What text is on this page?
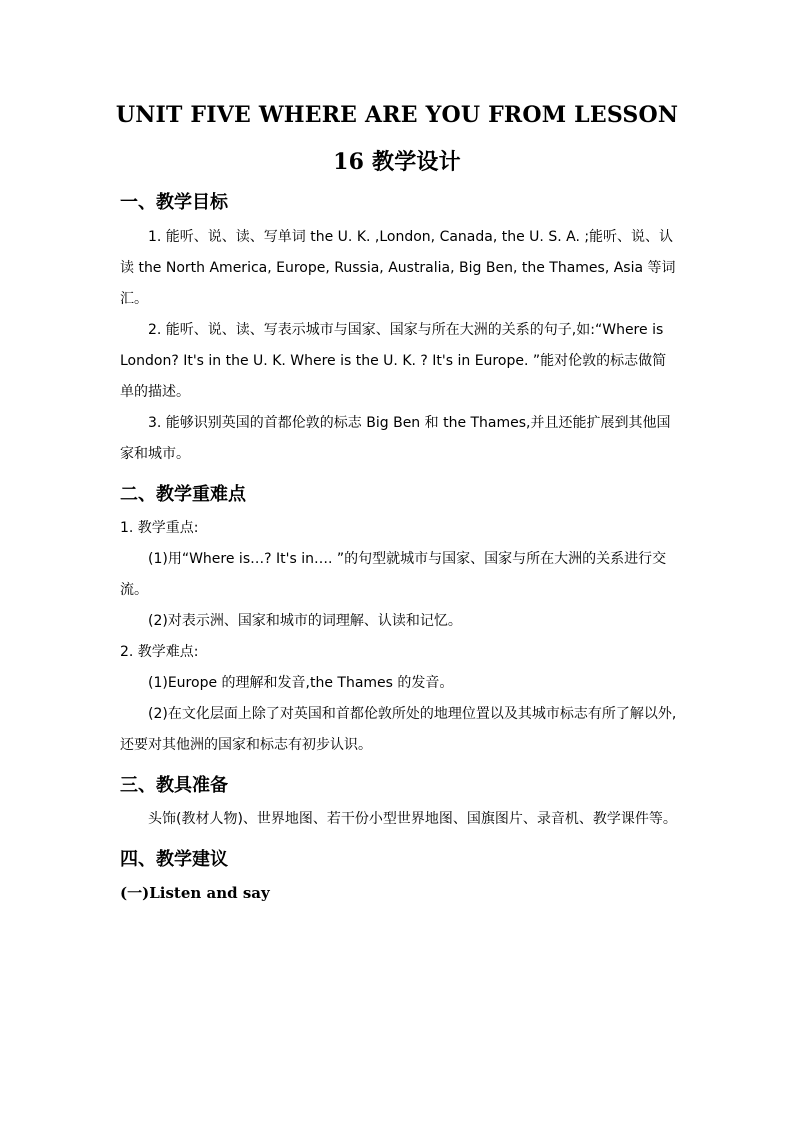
UNIT FIVE WHERE ARE YOU FROM LESSON
16 教学设计
一、教学目标
1. 能听、说、读、写单词 the U. K. ,London, Canada, the U. S. A. ;能听、说、认读 the North America, Europe, Russia, Australia, Big Ben, the Thames, Asia 等词汇。
2. 能听、说、读、写表示城市与国家、国家与所在大洲的关系的句子,如:“Where is London? It's in the U. K. Where is the U. K. ? It's in Europe. ”能对伦敦的标志做简单的描述。
3. 能够识别英国的首都伦敦的标志 Big Ben 和 the Thames,并且还能扩展到其他国家和城市。
二、教学重难点
1. 教学重点:
(1)用“Where is…? It's in…. ”的句型就城市与国家、国家与所在大洲的关系进行交流。
(2)对表示洲、国家和城市的词理解、认读和记忆。
2. 教学难点:
(1)Europe 的理解和发音,the Thames 的发音。
(2)在文化层面上除了对英国和首都伦敦所处的地理位置以及其城市标志有所了解以外,还要对其他洲的国家和标志有初步认识。
三、教具准备
头饰(教材人物)、世界地图、若干份小型世界地图、国旗图片、录音机、教学课件等。
四、教学建议
(一)Listen and say
